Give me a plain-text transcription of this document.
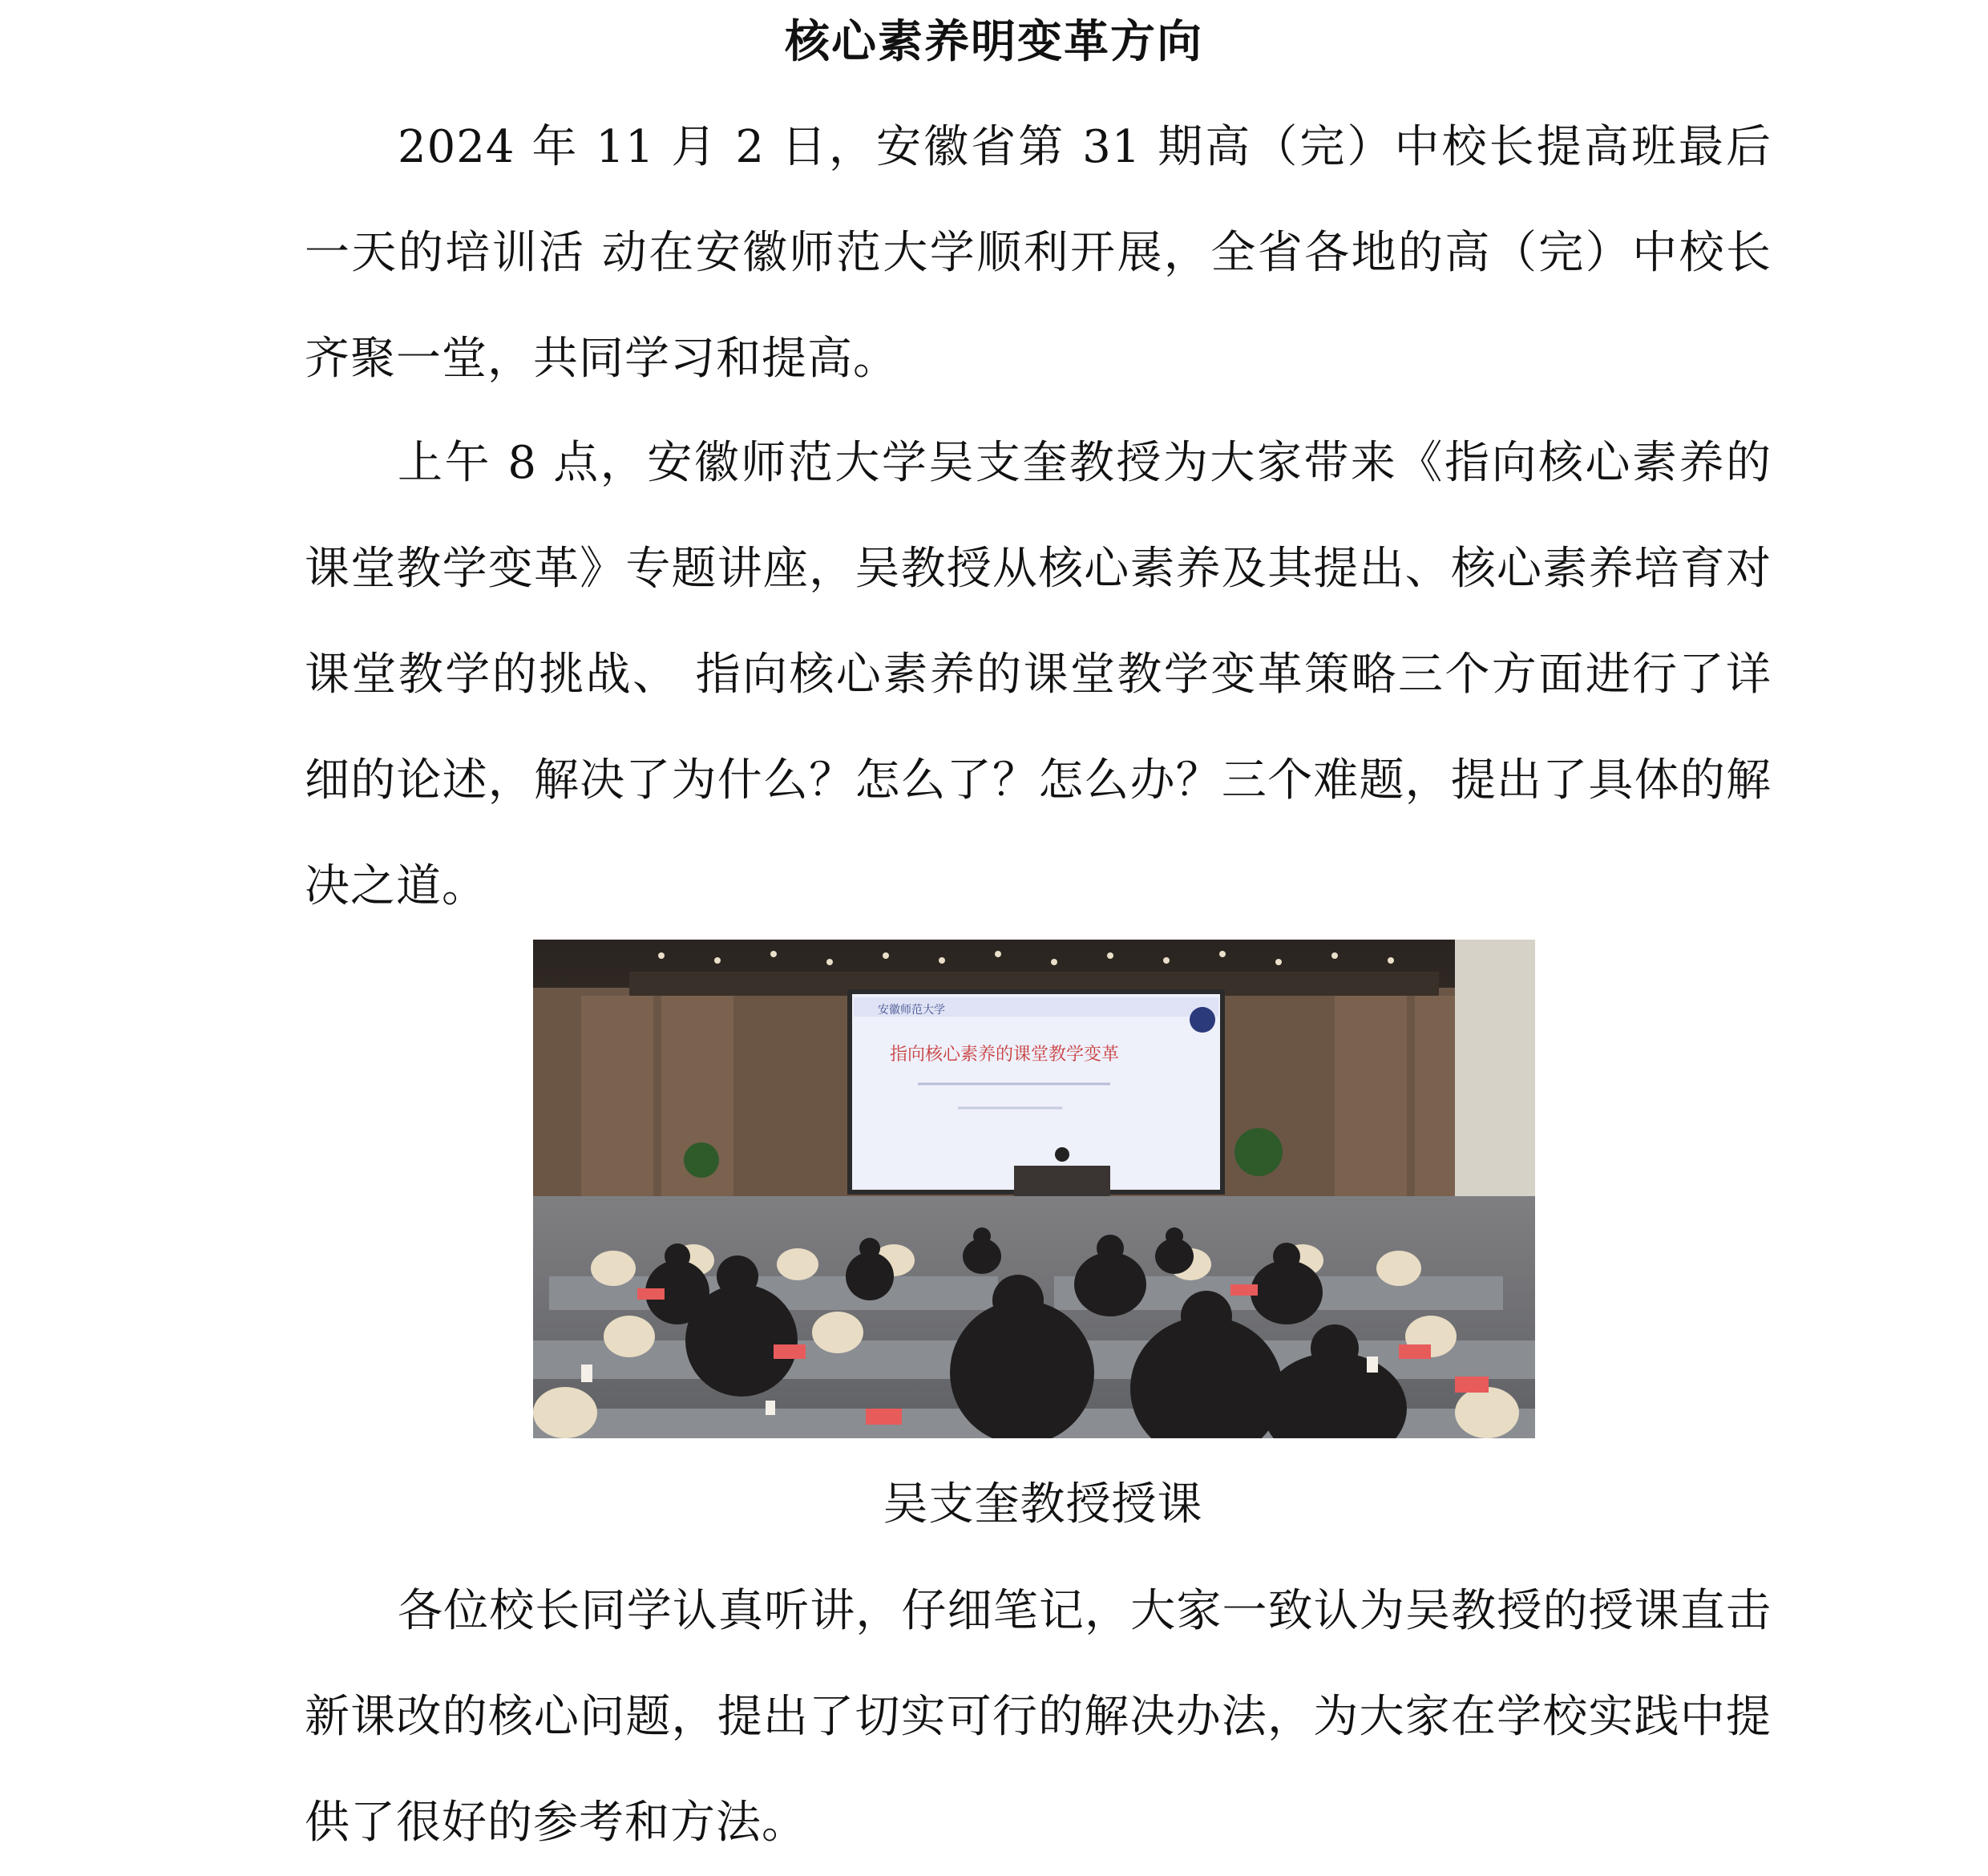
核心素养明变革方向

2024 年 11 月 2 日，安徽省第 31 期高（完）中校长提高班最后一天的培训活 动在安徽师范大学顺利开展，全省各地的高（完）中校长齐聚一堂，共同学习和提高。

上午 8 点，安徽师范大学吴支奎教授为大家带来《指向核心素养的课堂教学变革》专题讲座，吴教授从核心素养及其提出、核心素养培育对课堂教学的挑战、 指向核心素养的课堂教学变革策略三个方面进行了详细的论述，解决了为什么？怎么了？怎么办？三个难题，提出了具体的解决之道。

安徽师范大学
指向核心素养的课堂教学变革
吴支奎教授授课

各位校长同学认真听讲，仔细笔记，大家一致认为吴教授的授课直击新课改的核心问题，提出了切实可行的解决办法，为大家在学校实践中提供了很好的参考和方法。
